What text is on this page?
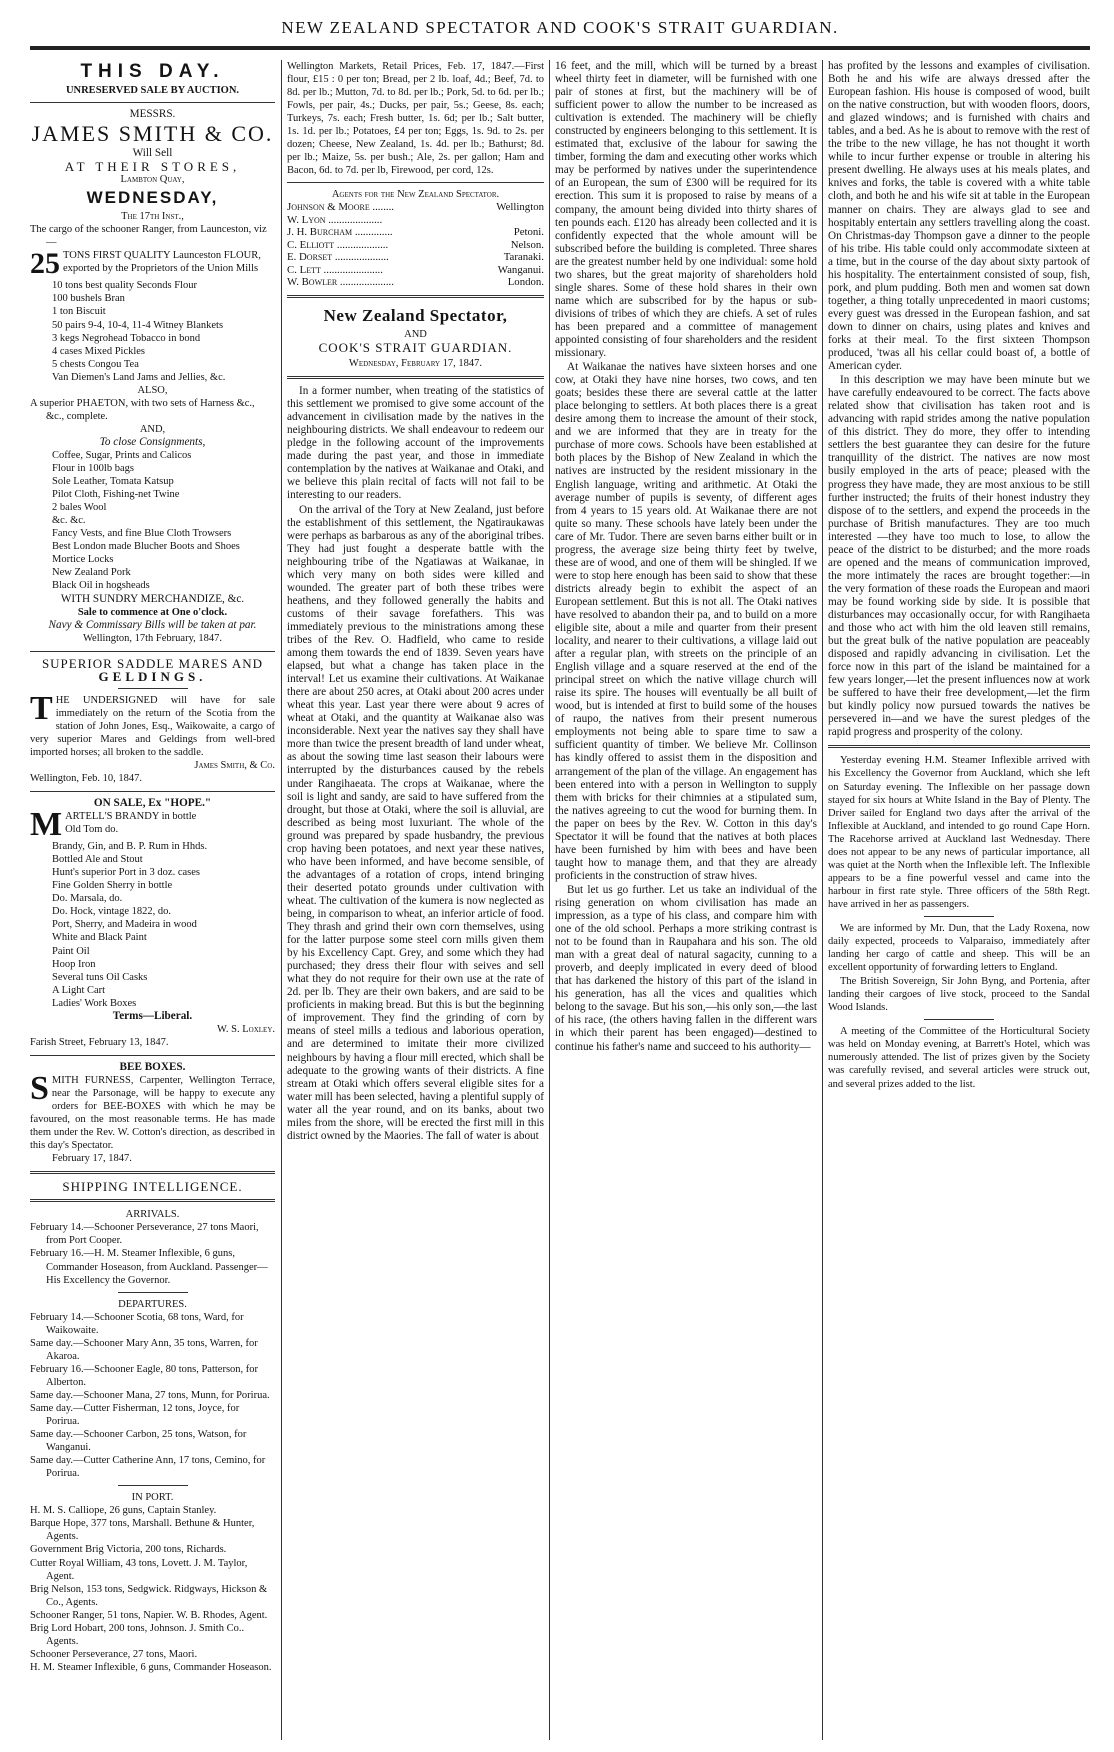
NEW ZEALAND SPECTATOR AND COOK'S STRAIT GUARDIAN.
THIS DAY.
UNRESERVED SALE BY AUCTION.
MESSRS.
JAMES SMITH & CO.
Will Sell
AT THEIR STORES,
Lambton Quay,
WEDNESDAY,
The 17th Inst.,
The cargo of the schooner Ranger, from Launceston, viz —
25 TONS FIRST QUALITY Launceston FLOUR, exported by the Proprietors of the Union Mills
10 tons best quality Seconds Flour
100 bushels Bran
1 ton Biscuit
50 pairs 9-4, 10-4, 11-4 Witney Blankets
3 kegs Negrohead Tobacco in bond
4 cases Mixed Pickles
5 chests Congou Tea
Van Diemen's Land Jams and Jellies, &c.
ALSO,
A superior PHAETON, with two sets of Harness &c., &c., complete.
AND,
To close Consignments,
Coffee, Sugar, Prints and Calicos
Flour in 100lb bags
Sole Leather, Tomata Katsup
Pilot Cloth, Fishing-net Twine
2 bales Wool
&c. &c.
Fancy Vests, and fine Blue Cloth Trowsers
Best London made Blucher Boots and Shoes
Mortice Locks
New Zealand Pork
Black Oil in hogsheads
WITH SUNDRY MERCHANDIZE, &c.
Sale to commence at One o'clock.
Navy & Commissary Bills will be taken at par.
Wellington, 17th February, 1847.
SUPERIOR SADDLE MARES AND
GELDINGS.
T HE UNDERSIGNED will have for sale immediately on the return of the Scotia from the station of John Jones, Esq., Waikowaite, a cargo of very superior Mares and Geldings from well-bred imported horses; all broken to the saddle.
James Smith, & Co.
Wellington, Feb. 10, 1847.
ON SALE, Ex "HOPE."
M ARTELL'S BRANDY in bottle
Old Tom do.
Brandy, Gin, and B. P. Rum in Hhds.
Bottled Ale and Stout
Hunt's superior Port in 3 doz. cases
Fine Golden Sherry in bottle
Do. Marsala, do.
Do. Hock, vintage 1822, do.
Port, Sherry, and Madeira in wood
White and Black Paint
Paint Oil
Hoop Iron
Several tuns Oil Casks
A Light Cart
Ladies' Work Boxes
Terms—Liberal.
W. S. Loxley.
Farish Street, February 13, 1847.
BEE BOXES.
S MITH FURNESS, Carpenter, Wellington Terrace, near the Parsonage, will be happy to execute any orders for BEE-BOXES with which he may be favoured, on the most reasonable terms. He has made them under the Rev. W. Cotton's direction, as described in this day's Spectator.
February 17, 1847.
SHIPPING INTELLIGENCE.
ARRIVALS.
February 14.—Schooner Perseverance, 27 tons Maori, from Port Cooper.
February 16.—H. M. Steamer Inflexible, 6 guns, Commander Hoseason, from Auckland. Passenger—His Excellency the Governor.
DEPARTURES.
February 14.—Schooner Scotia, 68 tons, Ward, for Waikowaite.
Same day.—Schooner Mary Ann, 35 tons, Warren, for Akaroa.
February 16.—Schooner Eagle, 80 tons, Patterson, for Alberton.
Same day.—Schooner Mana, 27 tons, Munn, for Porirua.
Same day.—Cutter Fisherman, 12 tons, Joyce, for Porirua.
Same day.—Schooner Carbon, 25 tons, Watson, for Wanganui.
Same day.—Cutter Catherine Ann, 17 tons, Cemino, for Porirua.
IN PORT.
H. M. S. Calliope, 26 guns, Captain Stanley.
Barque Hope, 377 tons, Marshall. Bethune & Hunter, Agents.
Government Brig Victoria, 200 tons, Richards.
Cutter Royal William, 43 tons, Lovett. J. M. Taylor, Agent.
Brig Nelson, 153 tons, Sedgwick. Ridgways, Hickson & Co., Agents.
Schooner Ranger, 51 tons, Napier. W. B. Rhodes, Agent.
Brig Lord Hobart, 200 tons, Johnson. J. Smith Co.. Agents.
Schooner Perseverance, 27 tons, Maori.
H. M. Steamer Inflexible, 6 guns, Commander Hoseason.
Wellington Markets, Retail Prices, Feb. 17, 1847.—First flour, £15 : 0 per ton; Bread, per 2 lb. loaf, 4d.; Beef, 7d. to 8d. per lb.; Mutton, 7d. to 8d. per lb.; Pork, 5d. to 6d. per lb.; Fowls, per pair, 4s.; Ducks, per pair, 5s.; Geese, 8s. each; Turkeys, 7s. each; Fresh butter, 1s. 6d; per lb.; Salt butter, 1s. 1d. per lb.; Potatoes, £4 per ton; Eggs, 1s. 9d. to 2s. per dozen; Cheese, New Zealand, 1s. 4d. per lb.; Bathurst; 8d. per lb.; Maize, 5s. per bush.; Ale, 2s. per gallon; Ham and Bacon, 6d. to 7d. per lb, Firewood, per cord, 12s.
Agents for the New Zealand Spectator.
Johnson & Moore ........	Wellington
W. Lyon ....................	
J. H. Burcham ..............	Petoni.
C. Elliott ...................	Nelson.
E. Dorset ....................	Taranaki.
C. Lett ......................	Wanganui.
W. Bowler ....................	London.
New Zealand Spectator,
AND
COOK'S STRAIT GUARDIAN.
Wednesday, February 17, 1847.

In a former number, when treating of the statistics of this settlement we promised to give some account of the advancement in civilisation made by the natives in the neighbouring districts. We shall endeavour to redeem our pledge in the following account of the improvements made during the past year, and those in immediate contemplation by the natives at Waikanae and Otaki, and we believe this plain recital of facts will not fail to be interesting to our readers.

On the arrival of the Tory at New Zealand, just before the establishment of this settlement, the Ngatiraukawas were perhaps as barbarous as any of the aboriginal tribes. They had just fought a desperate battle with the neighbouring tribe of the Ngatiawas at Waikanae, in which very many on both sides were killed and wounded. The greater part of both these tribes were heathens, and they followed generally the habits and customs of their savage forefathers. This was immediately previous to the ministrations among these tribes of the Rev. O. Hadfield, who came to reside among them towards the end of 1839. Seven years have elapsed, but what a change has taken place in the interval! Let us examine their cultivations. At Waikanae there are about 250 acres, at Otaki about 200 acres under wheat this year. Last year there were about 9 acres of wheat at Otaki, and the quantity at Waikanae also was inconsiderable. Next year the natives say they shall have more than twice the present breadth of land under wheat, as about the sowing time last season their labours were interrupted by the disturbances caused by the rebels under Rangihaeata. The crops at Waikanae, where the soil is light and sandy, are said to have suffered from the drought, but those at Otaki, where the soil is alluvial, are described as being most luxuriant. The whole of the ground was prepared by spade husbandry, the previous crop having been potatoes, and next year these natives, who have been informed, and have become sensible, of the advantages of a rotation of crops, intend bringing their deserted potato grounds under cultivation with wheat. The cultivation of the kumera is now neglected as being, in comparison to wheat, an inferior article of food. They thrash and grind their own corn themselves, using for the latter purpose some steel corn mills given them by his Excellency Capt. Grey, and some which they had purchased; they dress their flour with seives and sell what they do not require for their own use at the rate of 2d. per lb. They are their own bakers, and are said to be proficients in making bread. But this is but the beginning of improvement. They find the grinding of corn by means of steel mills a tedious and laborious operation, and are determined to imitate their more civilized neighbours by having a flour mill erected, which shall be adequate to the growing wants of their districts. A fine stream at Otaki which offers several eligible sites for a water mill has been selected, having a plentiful supply of water all the year round, and on its banks, about two miles from the shore, will be erected the first mill in this district owned by the Maories. The fall of water is about

16 feet, and the mill, which will be turned by a breast wheel thirty feet in diameter, will be furnished with one pair of stones at first, but the machinery will be of sufficient power to allow the number to be increased as cultivation is extended. The machinery will be chiefly constructed by engineers belonging to this settlement. It is estimated that, exclusive of the labour for sawing the timber, forming the dam and executing other works which may be performed by natives under the superintendence of an European, the sum of £300 will be required for its erection. This sum it is proposed to raise by means of a company, the amount being divided into thirty shares of ten pounds each. £120 has already been collected and it is confidently expected that the whole amount will be subscribed before the building is completed. Three shares are the greatest number held by one individual: some hold two shares, but the great majority of shareholders hold single shares. Some of these hold shares in their own name which are subscribed for by the hapus or sub-divisions of tribes of which they are chiefs. A set of rules has been prepared and a committee of management appointed consisting of four shareholders and the resident missionary.

At Waikanae the natives have sixteen horses and one cow, at Otaki they have nine horses, two cows, and ten goats; besides these there are several cattle at the latter place belonging to settlers. At both places there is a great desire among them to increase the amount of their stock, and we are informed that they are in treaty for the purchase of more cows. Schools have been established at both places by the Bishop of New Zealand in which the natives are instructed by the resident missionary in the English language, writing and arithmetic. At Otaki the average number of pupils is seventy, of different ages from 4 years to 15 years old. At Waikanae there are not quite so many. These schools have lately been under the care of Mr. Tudor. There are seven barns either built or in progress, the average size being thirty feet by twelve, these are of wood, and one of them will be shingled. If we were to stop here enough has been said to show that these districts already begin to exhibit the aspect of an European settlement. But this is not all. The Otaki natives have resolved to abandon their pa, and to build on a more eligible site, about a mile and quarter from their present locality, and nearer to their cultivations, a village laid out after a regular plan, with streets on the principle of an English village and a square reserved at the end of the principal street on which the native village church will raise its spire. The houses will eventually be all built of wood, but is intended at first to build some of the houses of raupo, the natives from their present numerous employments not being able to spare time to saw a sufficient quantity of timber. We believe Mr. Collinson has kindly offered to assist them in the disposition and arrangement of the plan of the village. An engagement has been entered into with a person in Wellington to supply them with bricks for their chimnies at a stipulated sum, the natives agreeing to cut the wood for burning them. In the paper on bees by the Rev. W. Cotton in this day's Spectator it will be found that the natives at both places have been furnished by him with bees and have been taught how to manage them, and that they are already proficients in the construction of straw hives.

But let us go further. Let us take an individual of the rising generation on whom civilisation has made an impression, as a type of his class, and compare him with one of the old school. Perhaps a more striking contrast is not to be found than in Raupahara and his son. The old man with a great deal of natural sagacity, cunning to a proverb, and deeply implicated in every deed of blood that has darkened the history of this part of the island in his generation, has all the vices and qualities which belong to the savage. But his son,—his only son,—the last of his race, (the others having fallen in the different wars in which their parent has been engaged)—destined to continue his father's name and succeed to his authority—

has profited by the lessons and examples of civilisation. Both he and his wife are always dressed after the European fashion. His house is composed of wood, built on the native construction, but with wooden floors, doors, and glazed windows; and is furnished with chairs and tables, and a bed. As he is about to remove with the rest of the tribe to the new village, he has not thought it worth while to incur further expense or trouble in altering his present dwelling. He always uses at his meals plates, and knives and forks, the table is covered with a white table cloth, and both he and his wife sit at table in the European manner on chairs. They are always glad to see and hospitably entertain any settlers travelling along the coast. On Christmas-day Thompson gave a dinner to the people of his tribe. His table could only accommodate sixteen at a time, but in the course of the day about sixty partook of his hospitality. The entertainment consisted of soup, fish, pork, and plum pudding. Both men and women sat down together, a thing totally unprecedented in maori customs; every guest was dressed in the European fashion, and sat down to dinner on chairs, using plates and knives and forks at their meal. To the first sixteen Thompson produced, 'twas all his cellar could boast of, a bottle of American cyder.

In this description we may have been minute but we have carefully endeavoured to be correct. The facts above related show that civilisation has taken root and is advancing with rapid strides among the native population of this district. They do more, they offer to intending settlers the best guarantee they can desire for the future tranquillity of the district. The natives are now most busily employed in the arts of peace; pleased with the progress they have made, they are most anxious to be still further instructed; the fruits of their honest industry they dispose of to the settlers, and expend the proceeds in the purchase of British manufactures. They are too much interested —they have too much to lose, to allow the peace of the district to be disturbed; and the more roads are opened and the means of communication improved, the more intimately the races are brought together:—in the very formation of these roads the European and maori may be found working side by side. It is possible that disturbances may occasionally occur, for with Rangihaeta and those who act with him the old leaven still remains, but the great bulk of the native population are peaceably disposed and rapidly advancing in civilisation. Let the force now in this part of the island be maintained for a few years longer,—let the present influences now at work be suffered to have their free development,—let the firm but kindly policy now pursued towards the natives be persevered in—and we have the surest pledges of the rapid progress and prosperity of the colony.

Yesterday evening H.M. Steamer Inflexible arrived with his Excellency the Governor from Auckland, which she left on Saturday evening. The Inflexible on her passage down stayed for six hours at White Island in the Bay of Plenty. The Driver sailed for England two days after the arrival of the Inflexible at Auckland, and intended to go round Cape Horn. The Racehorse arrived at Auckland last Wednesday. There does not appear to be any news of particular importance, all was quiet at the North when the Inflexible left. The Inflexible appears to be a fine powerful vessel and came into the harbour in first rate style. Three officers of the 58th Regt. have arrived in her as passengers.

We are informed by Mr. Dun, that the Lady Roxena, now daily expected, proceeds to Valparaiso, immediately after landing her cargo of cattle and sheep. This will be an excellent opportunity of forwarding letters to England.

The British Sovereign, Sir John Byng, and Portenia, after landing their cargoes of live stock, proceed to the Sandal Wood Islands.

A meeting of the Committee of the Horticultural Society was held on Monday evening, at Barrett's Hotel, which was numerously attended. The list of prizes given by the Society was carefully revised, and several articles were struck out, and several prizes added to the list.
